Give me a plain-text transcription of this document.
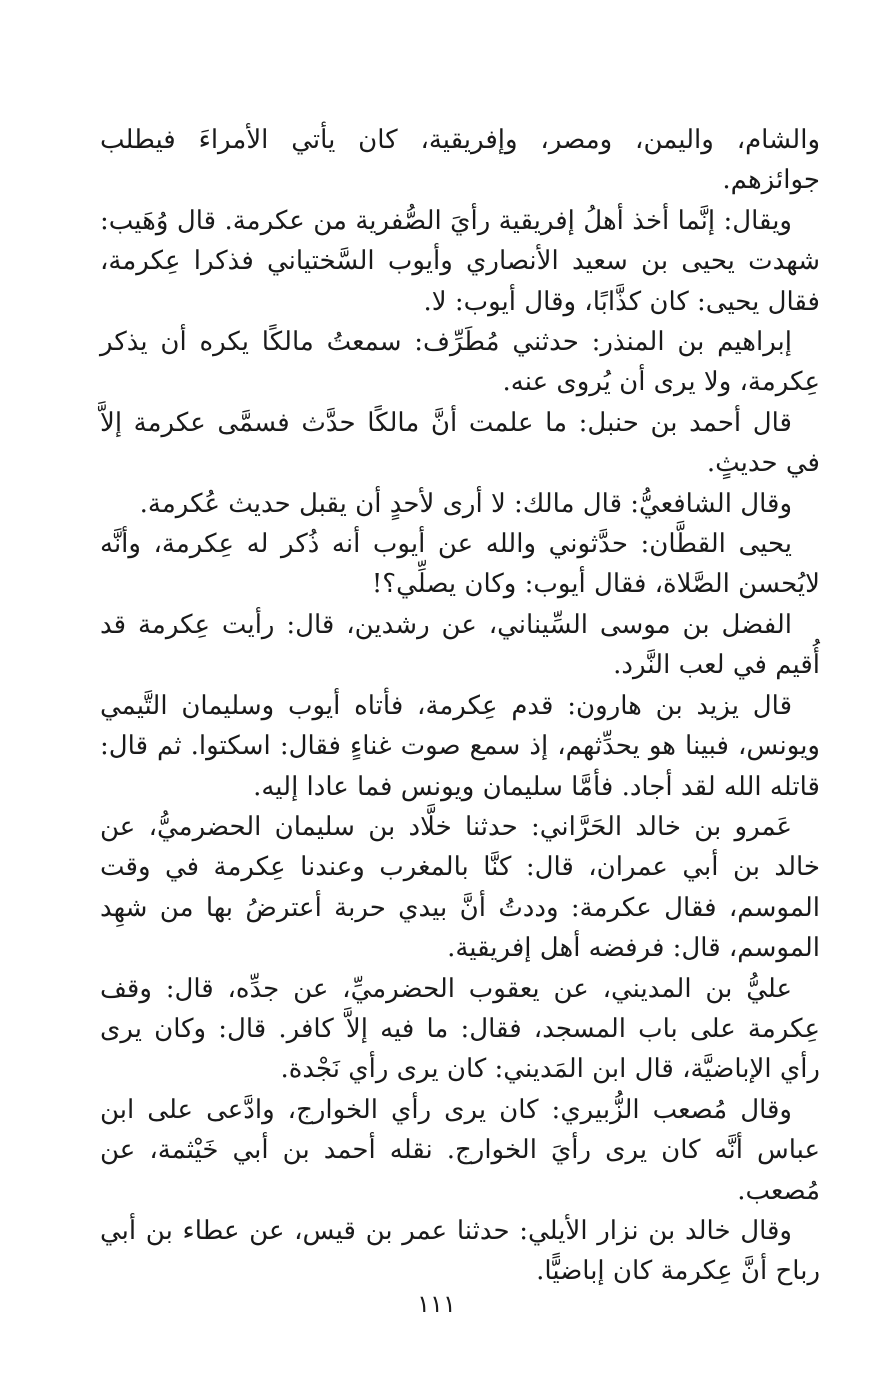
والشام، واليمن، ومصر، وإفريقية، كان يأتي الأمراءَ فيطلب جوائزهم.

ويقال: إنَّما أخذ أهلُ إفريقية رأيَ الصُّفرية من عكرمة. قال وُهَيب: شهدت يحيى بن سعيد الأنصاري وأيوب السَّختياني فذكرا عِكرمة، فقال يحيى: كان كذَّابًا، وقال أيوب: لا.

إبراهيم بن المنذر: حدثني مُطَرِّف: سمعتُ مالكًا يكره أن يذكر عِكرمة، ولا يرى أن يُروى عنه.

قال أحمد بن حنبل: ما علمت أنَّ مالكًا حدَّث فسمَّى عكرمة إلاَّ في حديثٍ.

وقال الشافعيُّ: قال مالك: لا أرى لأحدٍ أن يقبل حديث عُكرمة.

يحيى القطَّان: حدَّثوني والله عن أيوب أنه ذُكر له عِكرمة، وأنَّه لايُحسن الصَّلاة، فقال أيوب: وكان يصلِّي؟!

الفضل بن موسى السِّيناني، عن رشدين، قال: رأيت عِكرمة قد أُقيم في لعب النَّرد.

قال يزيد بن هارون: قدم عِكرمة، فأتاه أيوب وسليمان التَّيمي ويونس، فبينا هو يحدِّثهم، إذ سمع صوت غناءٍ فقال: اسكتوا. ثم قال: قاتله الله لقد أجاد. فأمَّا سليمان ويونس فما عادا إليه.

عَمرو بن خالد الحَرَّاني: حدثنا خلَّاد بن سليمان الحضرميُّ، عن خالد بن أبي عمران، قال: كنَّا بالمغرب وعندنا عِكرمة في وقت الموسم، فقال عكرمة: وددتُ أنَّ بيدي حربة أعترضُ بها من شهِد الموسم، قال: فرفضه أهل إفريقية.

عليُّ بن المديني، عن يعقوب الحضرميِّ، عن جدِّه، قال: وقف عِكرمة على باب المسجد، فقال: ما فيه إلاَّ كافر. قال: وكان يرى رأي الإباضيَّة، قال ابن المَديني: كان يرى رأي نَجْدة.

وقال مُصعب الزُّبيري: كان يرى رأي الخوارج، وادَّعى على ابن عباس أنَّه كان يرى رأيَ الخوارج. نقله أحمد بن أبي خَيْثمة، عن مُصعب.

وقال خالد بن نزار الأيلي: حدثنا عمر بن قيس، عن عطاء بن أبي رباح أنَّ عِكرمة كان إباضيًّا.

١١١
